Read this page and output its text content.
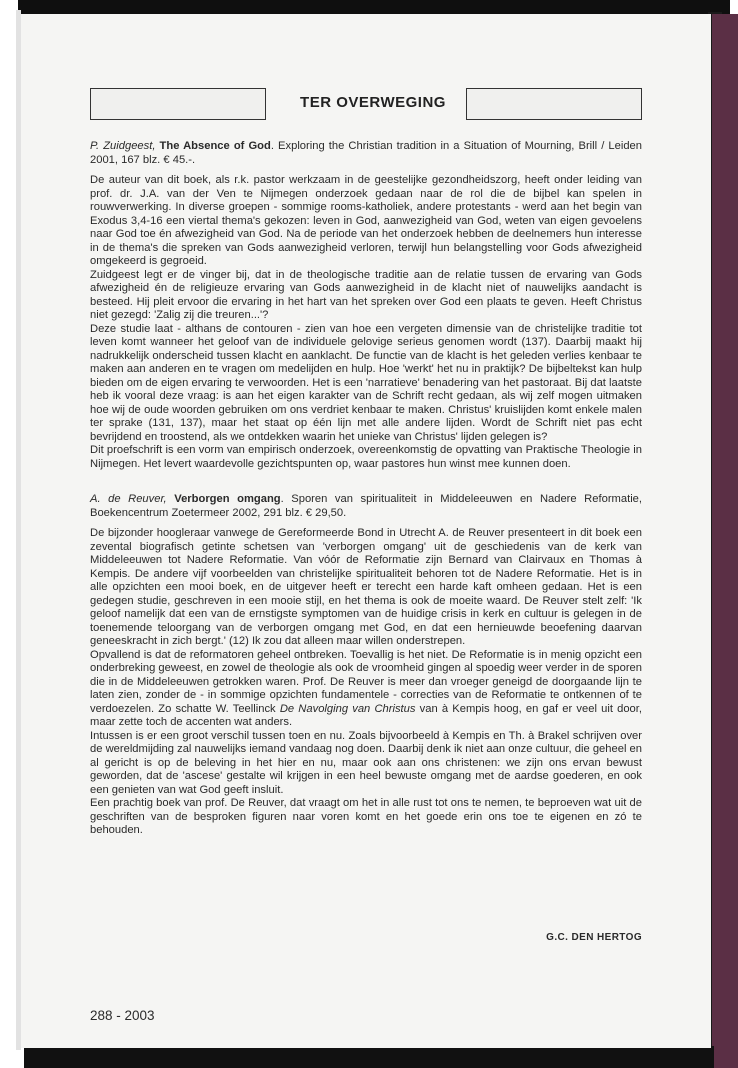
TER OVERWEGING

P. Zuidgeest, The Absence of God. Exploring the Christian tradition in a Situation of Mourning, Brill / Leiden 2001, 167 blz. € 45.-.

De auteur van dit boek, als r.k. pastor werkzaam in de geestelijke gezondheidszorg, heeft onder leiding van prof. dr. J.A. van der Ven te Nijmegen onderzoek gedaan naar de rol die de bijbel kan spelen in rouwverwerking. In diverse groepen - sommige rooms-katholiek, andere protestants - werd aan het begin van Exodus 3,4-16 een viertal thema's gekozen: leven in God, aanwezigheid van God, weten van eigen gevoelens naar God toe én afwezigheid van God. Na de periode van het onderzoek hebben de deelnemers hun interesse in de thema's die spreken van Gods aanwezigheid verloren, terwijl hun belangstelling voor Gods afwezigheid omgekeerd is gegroeid.

Zuidgeest legt er de vinger bij, dat in de theologische traditie aan de relatie tussen de ervaring van Gods afwezigheid én de religieuze ervaring van Gods aanwezigheid in de klacht niet of nauwelijks aandacht is besteed. Hij pleit ervoor die ervaring in het hart van het spreken over God een plaats te geven. Heeft Christus niet gezegd: 'Zalig zij die treuren...'?

Deze studie laat - althans de contouren - zien van hoe een vergeten dimensie van de christelijke traditie tot leven komt wanneer het geloof van de individuele gelovige serieus genomen wordt (137). Daarbij maakt hij nadrukkelijk onderscheid tussen klacht en aanklacht. De functie van de klacht is het geleden verlies kenbaar te maken aan anderen en te vragen om medelijden en hulp. Hoe 'werkt' het nu in praktijk? De bijbeltekst kan hulp bieden om de eigen ervaring te verwoorden. Het is een 'narratieve' benadering van het pastoraat. Bij dat laatste heb ik vooral deze vraag: is aan het eigen karakter van de Schrift recht gedaan, als wij zelf mogen uitmaken hoe wij de oude woorden gebruiken om ons verdriet kenbaar te maken. Christus' kruislijden komt enkele malen ter sprake (131, 137), maar het staat op één lijn met alle andere lijden. Wordt de Schrift niet pas echt bevrijdend en troostend, als we ontdekken waarin het unieke van Christus' lijden gelegen is?

Dit proefschrift is een vorm van empirisch onderzoek, overeenkomstig de opvatting van Praktische Theologie in Nijmegen. Het levert waardevolle gezichtspunten op, waar pastores hun winst mee kunnen doen.

A. de Reuver, Verborgen omgang. Sporen van spiritualiteit in Middeleeuwen en Nadere Reformatie, Boekencentrum Zoetermeer 2002, 291 blz. € 29,50.

De bijzonder hoogleraar vanwege de Gereformeerde Bond in Utrecht A. de Reuver presenteert in dit boek een zevental biografisch getinte schetsen van 'verborgen omgang' uit de geschiedenis van de kerk van Middeleeuwen tot Nadere Reformatie. Van vóór de Reformatie zijn Bernard van Clairvaux en Thomas à Kempis. De andere vijf voorbeelden van christelijke spiritualiteit behoren tot de Nadere Reformatie. Het is in alle opzichten een mooi boek, en de uitgever heeft er terecht een harde kaft omheen gedaan. Het is een gedegen studie, geschreven in een mooie stijl, en het thema is ook de moeite waard. De Reuver stelt zelf: 'Ik geloof namelijk dat een van de ernstigste symptomen van de huidige crisis in kerk en cultuur is gelegen in de toenemende teloorgang van de verborgen omgang met God, en dat een hernieuwde beoefening daarvan geneeskracht in zich bergt.' (12) Ik zou dat alleen maar willen onderstrepen.

Opvallend is dat de reformatoren geheel ontbreken. Toevallig is het niet. De Reformatie is in menig opzicht een onderbreking geweest, en zowel de theologie als ook de vroomheid gingen al spoedig weer verder in de sporen die in de Middeleeuwen getrokken waren. Prof. De Reuver is meer dan vroeger geneigd de doorgaande lijn te laten zien, zonder de - in sommige opzichten fundamentele - correcties van de Reformatie te ontkennen of te verdoezelen. Zo schatte W. Teellinck De Navolging van Christus van à Kempis hoog, en gaf er veel uit door, maar zette toch de accenten wat anders.

Intussen is er een groot verschil tussen toen en nu. Zoals bijvoorbeeld à Kempis en Th. à Brakel schrijven over de wereldmijding zal nauwelijks iemand vandaag nog doen. Daarbij denk ik niet aan onze cultuur, die geheel en al gericht is op de beleving in het hier en nu, maar ook aan ons christenen: we zijn ons ervan bewust geworden, dat de 'ascese' gestalte wil krijgen in een heel bewuste omgang met de aardse goederen, en ook een genieten van wat God geeft insluit.

Een prachtig boek van prof. De Reuver, dat vraagt om het in alle rust tot ons te nemen, te beproeven wat uit de geschriften van de besproken figuren naar voren komt en het goede erin ons toe te eigenen en zó te behouden.

G.C. DEN HERTOG
288 - 2003
